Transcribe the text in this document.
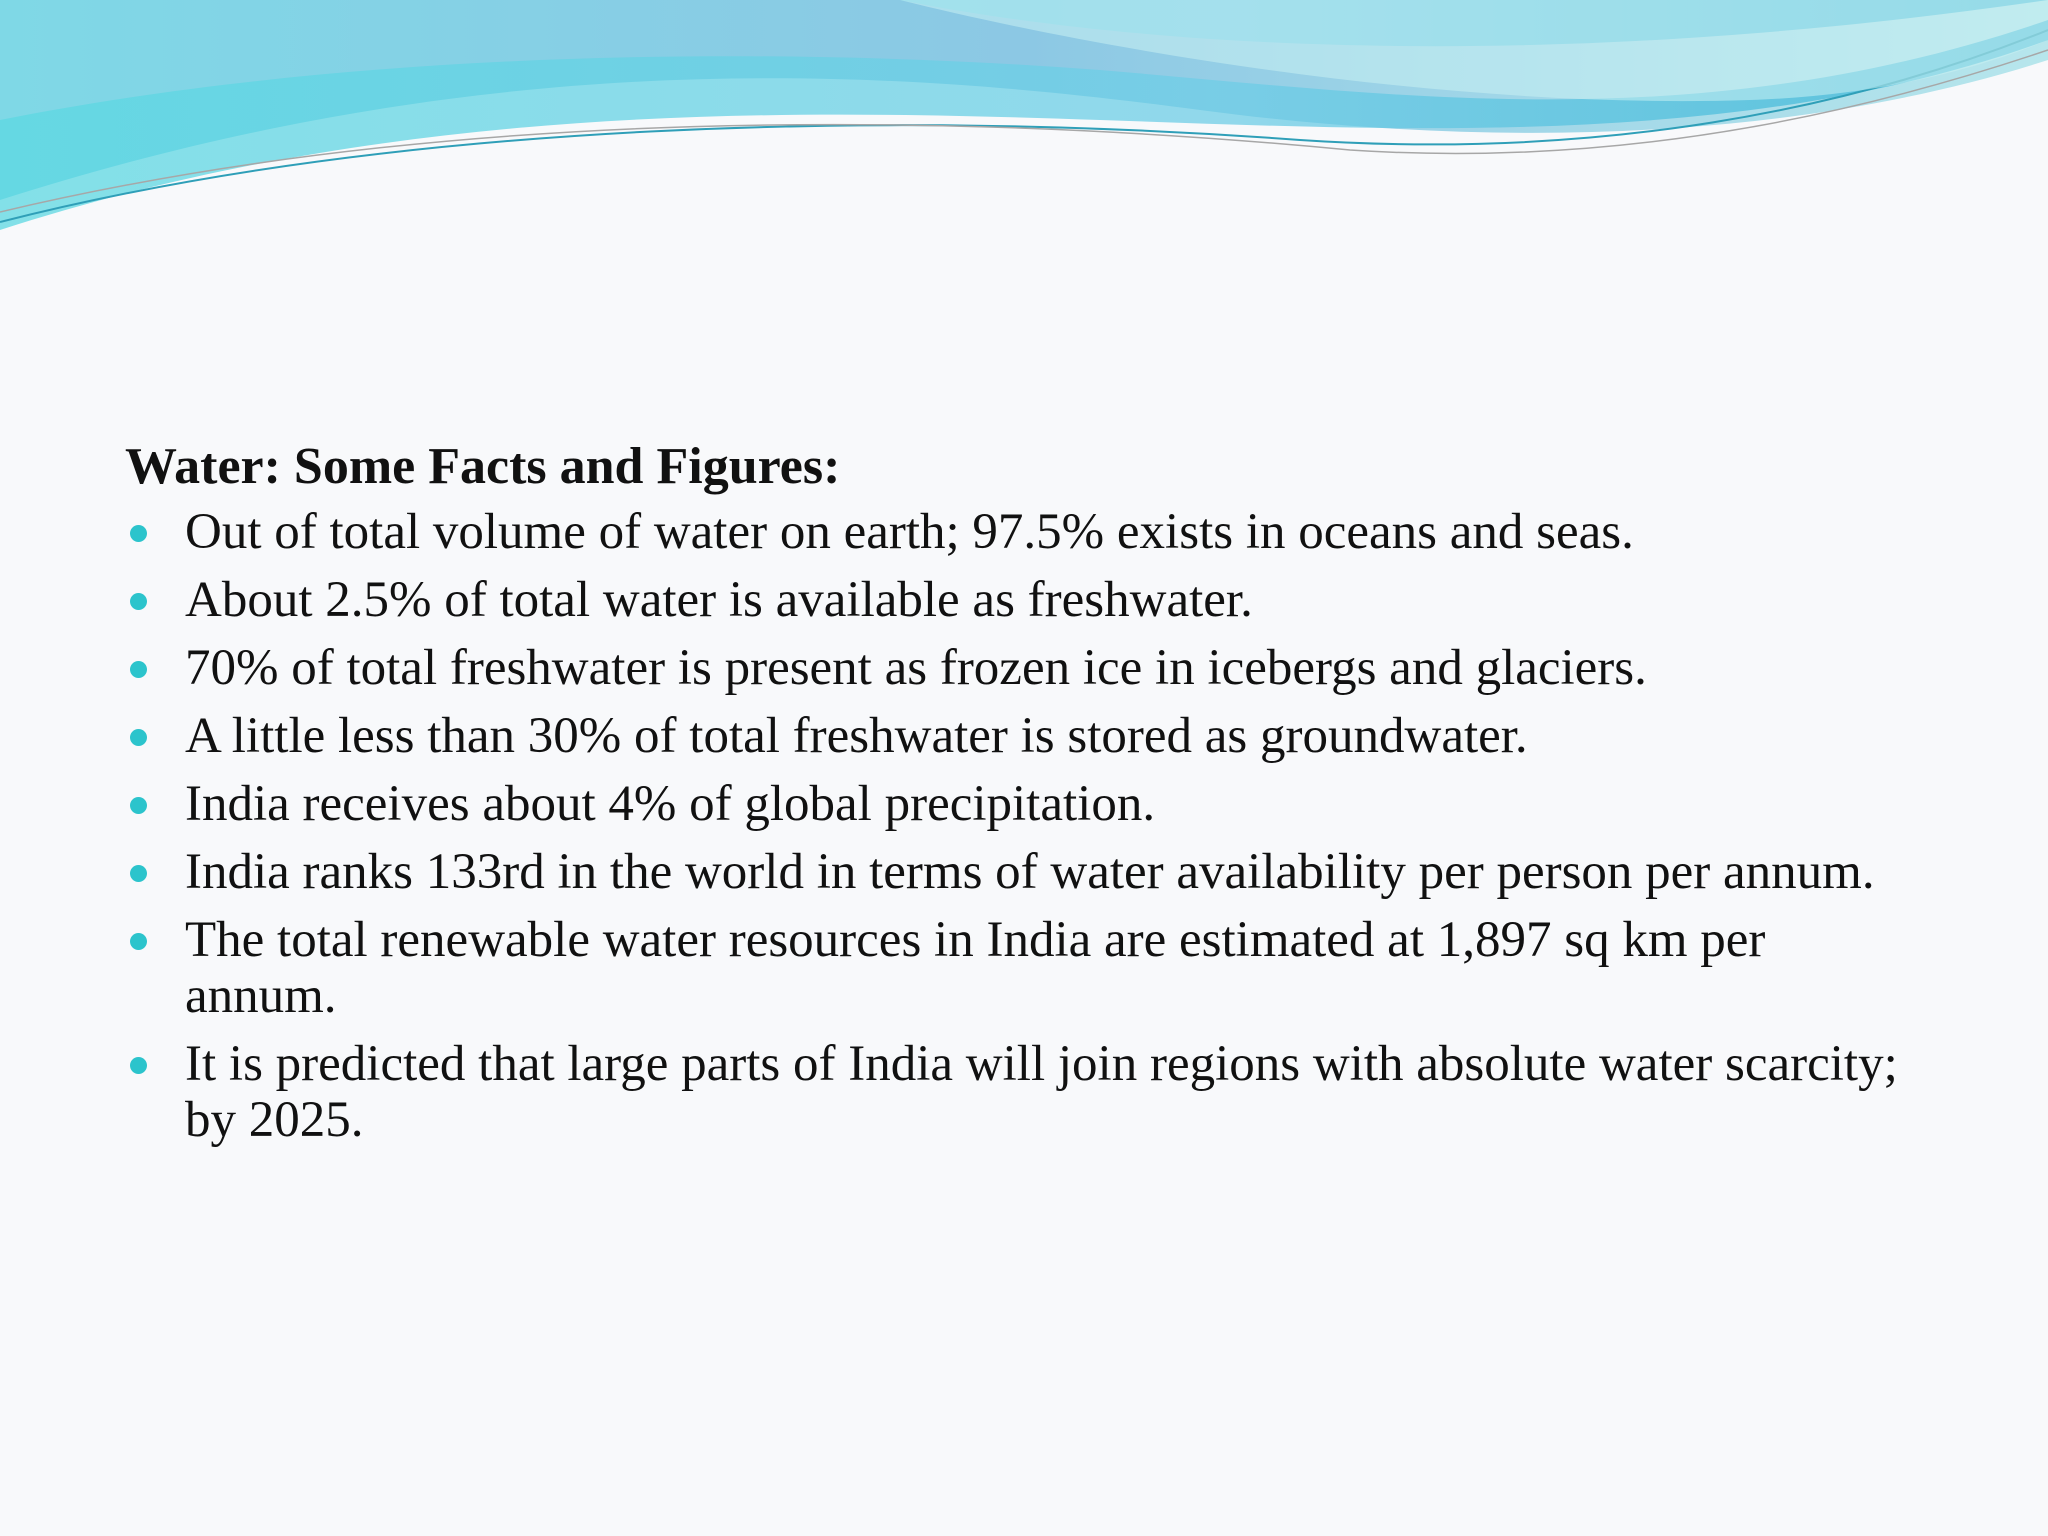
Water: Some Facts and Figures:
Out of total volume of water on earth; 97.5% exists in oceans and seas.
About 2.5% of total water is available as freshwater.
70% of total freshwater is present as frozen ice in icebergs and glaciers.
A little less than 30% of total freshwater is stored as groundwater.
India receives about 4% of global precipitation.
India ranks 133rd in the world in terms of water availability per person per annum.
The total renewable water resources in India are estimated at 1,897 sq km per annum.
It is predicted that large parts of India will join regions with absolute water scarcity; by 2025.
